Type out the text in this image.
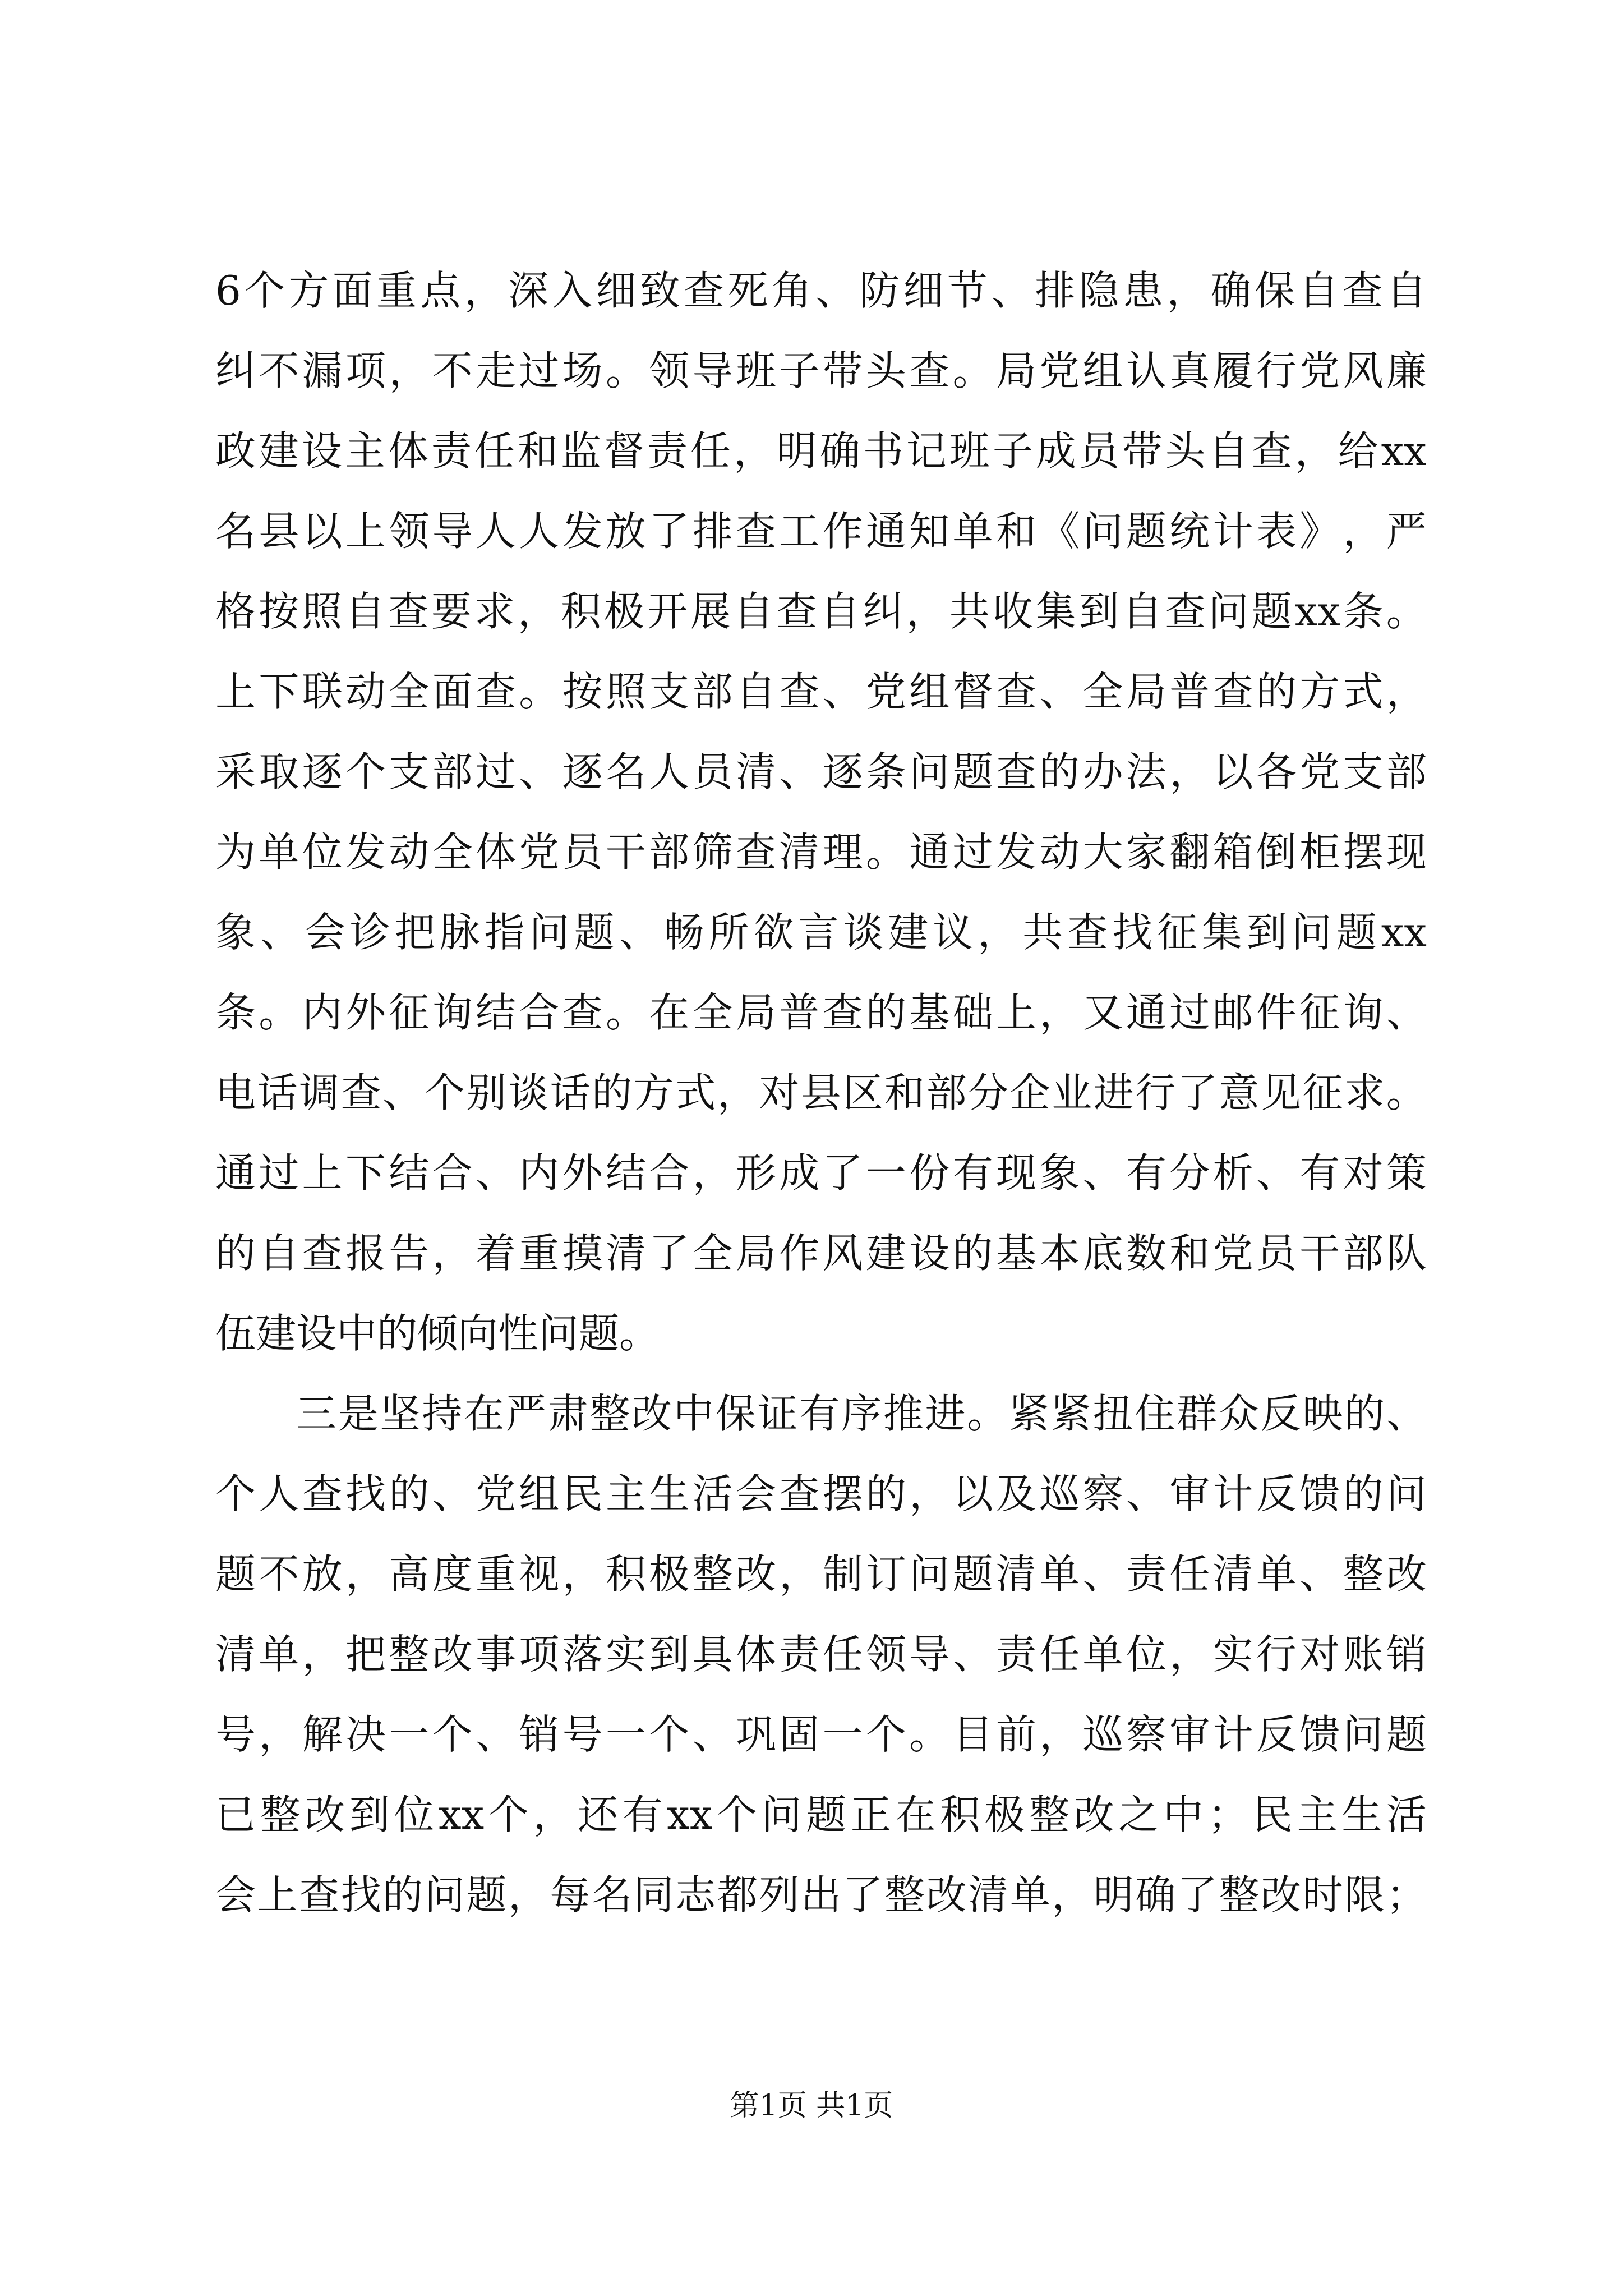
6 个 方 面 重 点 ， 深 入 细 致 查 死 角 、 防 细 节 、 排 隐 患 ， 确 保 自 查 自
纠 不 漏 项 ， 不 走 过 场 。 领 导 班 子 带 头 查 。 局 党 组 认 真 履 行 党 风 廉
政 建 设 主 体 责 任 和 监 督 责 任 ， 明 确 书 记 班 子 成 员 带 头 自 查 ， 给 xx
名 县 以 上 领 导 人 人 发 放 了 排 查 工 作 通 知 单 和 《 问 题 统 计 表 》 ， 严
格 按 照 自 查 要 求 ， 积 极 开 展 自 查 自 纠 ， 共 收 集 到 自 查 问 题 xx 条 。
上 下 联 动 全 面 查 。 按 照 支 部 自 查 、 党 组 督 查 、 全 局 普 查 的 方 式 ，
采 取 逐 个 支 部 过 、 逐 名 人 员 清 、 逐 条 问 题 查 的 办 法 ， 以 各 党 支 部
为 单 位 发 动 全 体 党 员 干 部 筛 查 清 理 。 通 过 发 动 大 家 翻 箱 倒 柜 摆 现
象 、 会 诊 把 脉 指 问 题 、 畅 所 欲 言 谈 建 议 ， 共 查 找 征 集 到 问 题 xx
条 。 内 外 征 询 结 合 查 。 在 全 局 普 查 的 基 础 上 ， 又 通 过 邮 件 征 询 、
电 话 调 查 、 个 别 谈 话 的 方 式 ， 对 县 区 和 部 分 企 业 进 行 了 意 见 征 求 。
通 过 上 下 结 合 、 内 外 结 合 ， 形 成 了 一 份 有 现 象 、 有 分 析 、 有 对 策
的 自 查 报 告 ， 着 重 摸 清 了 全 局 作 风 建 设 的 基 本 底 数 和 党 员 干 部 队
伍建设中的倾向性问题。
三 是 坚 持 在 严 肃 整 改 中 保 证 有 序 推 进 。 紧 紧 扭 住 群 众 反 映 的 、
个 人 查 找 的 、 党 组 民 主 生 活 会 查 摆 的 ， 以 及 巡 察 、 审 计 反 馈 的 问
题 不 放 ， 高 度 重 视 ， 积 极 整 改 ， 制 订 问 题 清 单 、 责 任 清 单 、 整 改
清 单 ， 把 整 改 事 项 落 实 到 具 体 责 任 领 导 、 责 任 单 位 ， 实 行 对 账 销
号 ， 解 决 一 个 、 销 号 一 个 、 巩 固 一 个 。 目 前 ， 巡 察 审 计 反 馈 问 题
已 整 改 到 位 xx 个 ， 还 有 xx 个 问 题 正 在 积 极 整 改 之 中 ； 民 主 生 活
会 上 查 找 的 问 题 ， 每 名 同 志 都 列 出 了 整 改 清 单 ， 明 确 了 整 改 时 限 ；
第1页 共1页
